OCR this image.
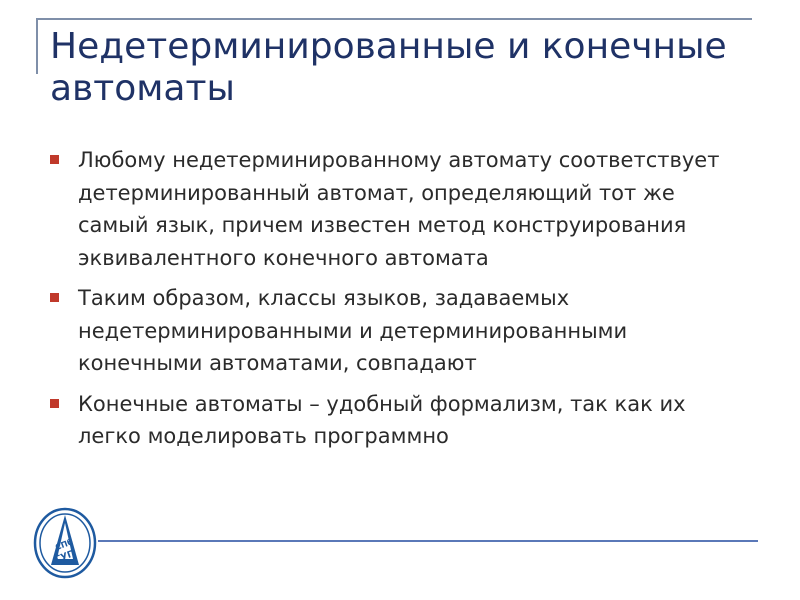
Недетерминированные и конечные автоматы
Любому недетерминированному автомату соответствует детерминированный автомат, определяющий тот же самый язык, причем известен метод конструирования эквивалентного конечного автомата
Таким образом, классы языков, задаваемых недетерминированными и детерминированными конечными автоматами, совпадают
Конечные автоматы – удобный формализм, так как их легко моделировать программно
СПб
ГУП
